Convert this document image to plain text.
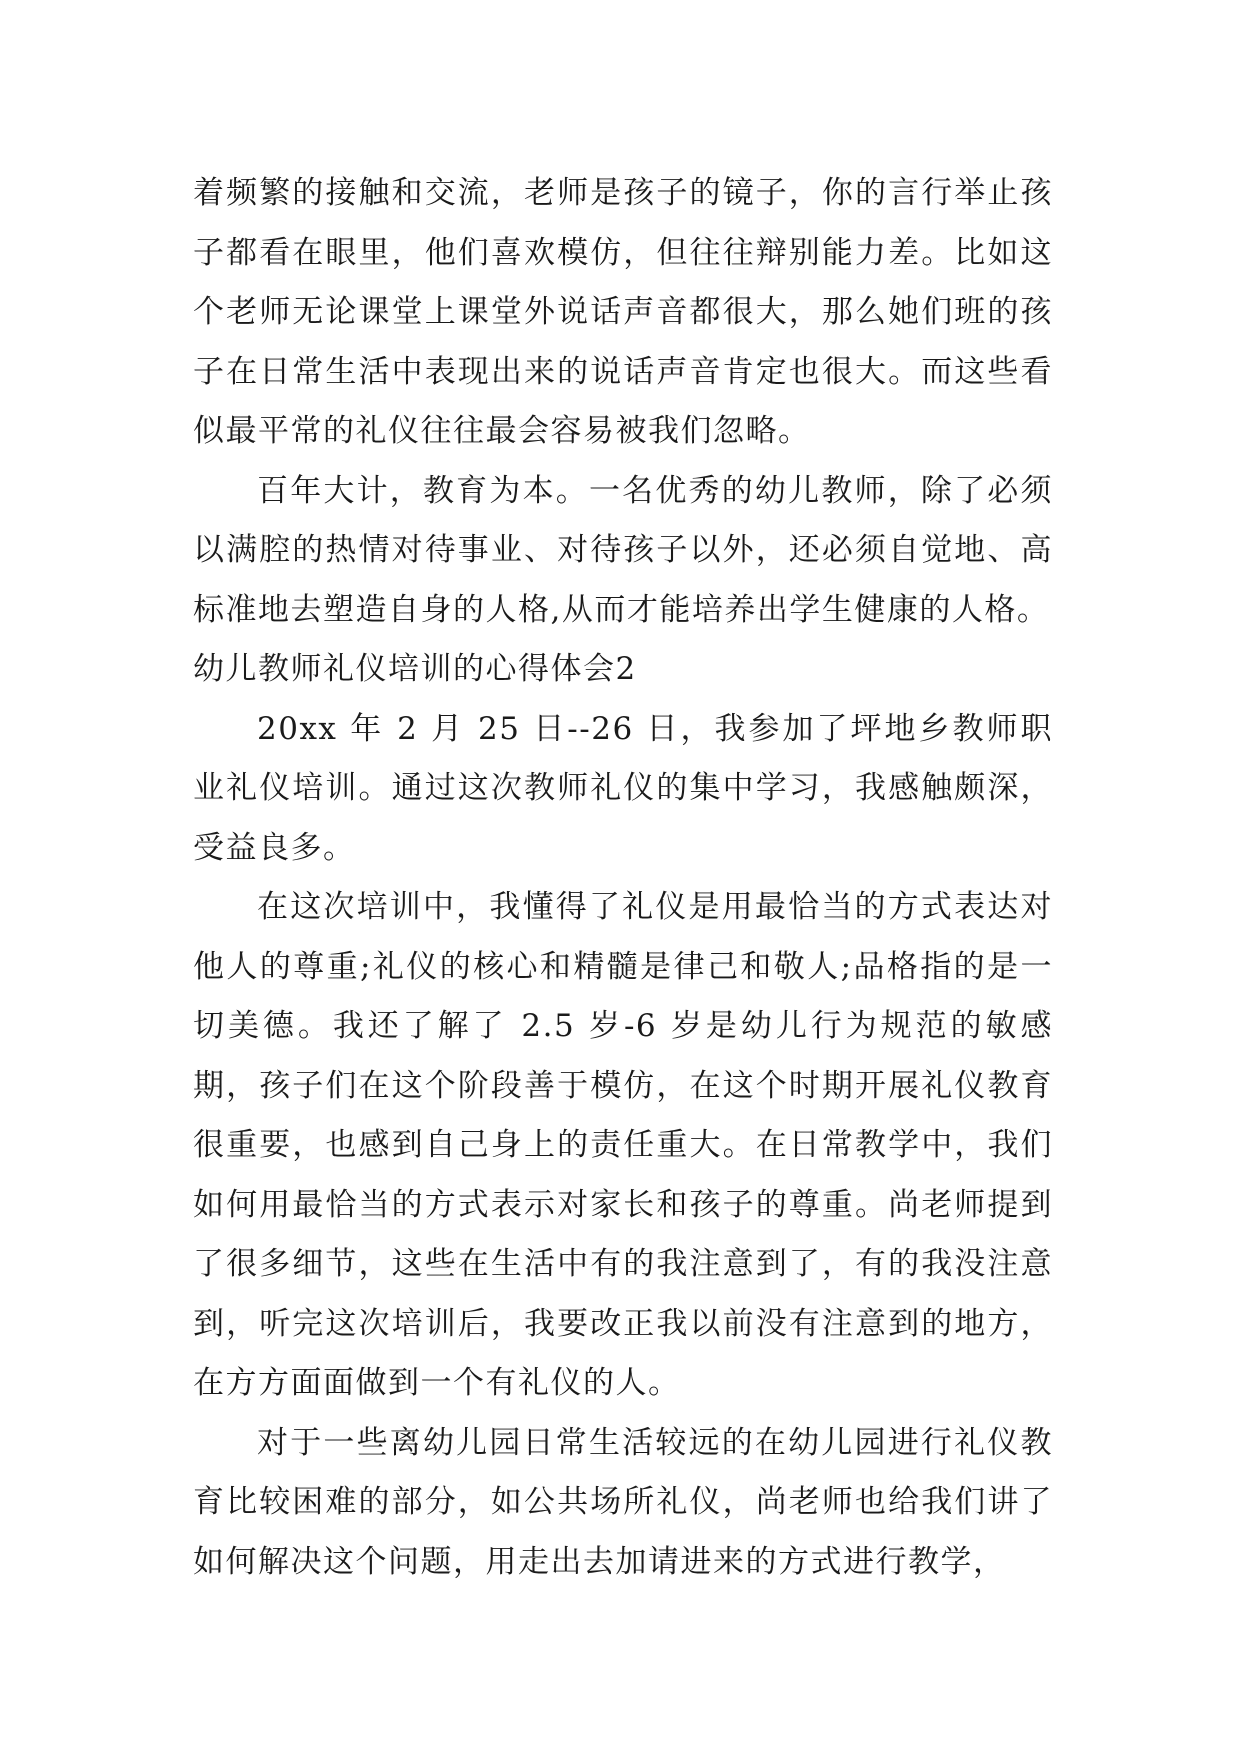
着频繁的接触和交流，老师是孩子的镜子，你的言行举止孩子都看在眼里，他们喜欢模仿，但往往辩别能力差。比如这个老师无论课堂上课堂外说话声音都很大，那么她们班的孩子在日常生活中表现出来的说话声音肯定也很大。而这些看似最平常的礼仪往往最会容易被我们忽略。

百年大计，教育为本。一名优秀的幼儿教师，除了必须以满腔的热情对待事业、对待孩子以外，还必须自觉地、高标准地去塑造自身的人格,从而才能培养出学生健康的人格。

幼儿教师礼仪培训的心得体会2

20xx 年 2 月 25 日--26 日，我参加了坪地乡教师职业礼仪培训。通过这次教师礼仪的集中学习，我感触颇深，受益良多。

在这次培训中，我懂得了礼仪是用最恰当的方式表达对他人的尊重;礼仪的核心和精髓是律己和敬人;品格指的是一切美德。我还了解了 2.5 岁-6 岁是幼儿行为规范的敏感期，孩子们在这个阶段善于模仿，在这个时期开展礼仪教育很重要，也感到自己身上的责任重大。在日常教学中，我们如何用最恰当的方式表示对家长和孩子的尊重。尚老师提到了很多细节，这些在生活中有的我注意到了，有的我没注意到，听完这次培训后，我要改正我以前没有注意到的地方，在方方面面做到一个有礼仪的人。

对于一些离幼儿园日常生活较远的在幼儿园进行礼仪教育比较困难的部分，如公共场所礼仪，尚老师也给我们讲了如何解决这个问题，用走出去加请进来的方式进行教学，
